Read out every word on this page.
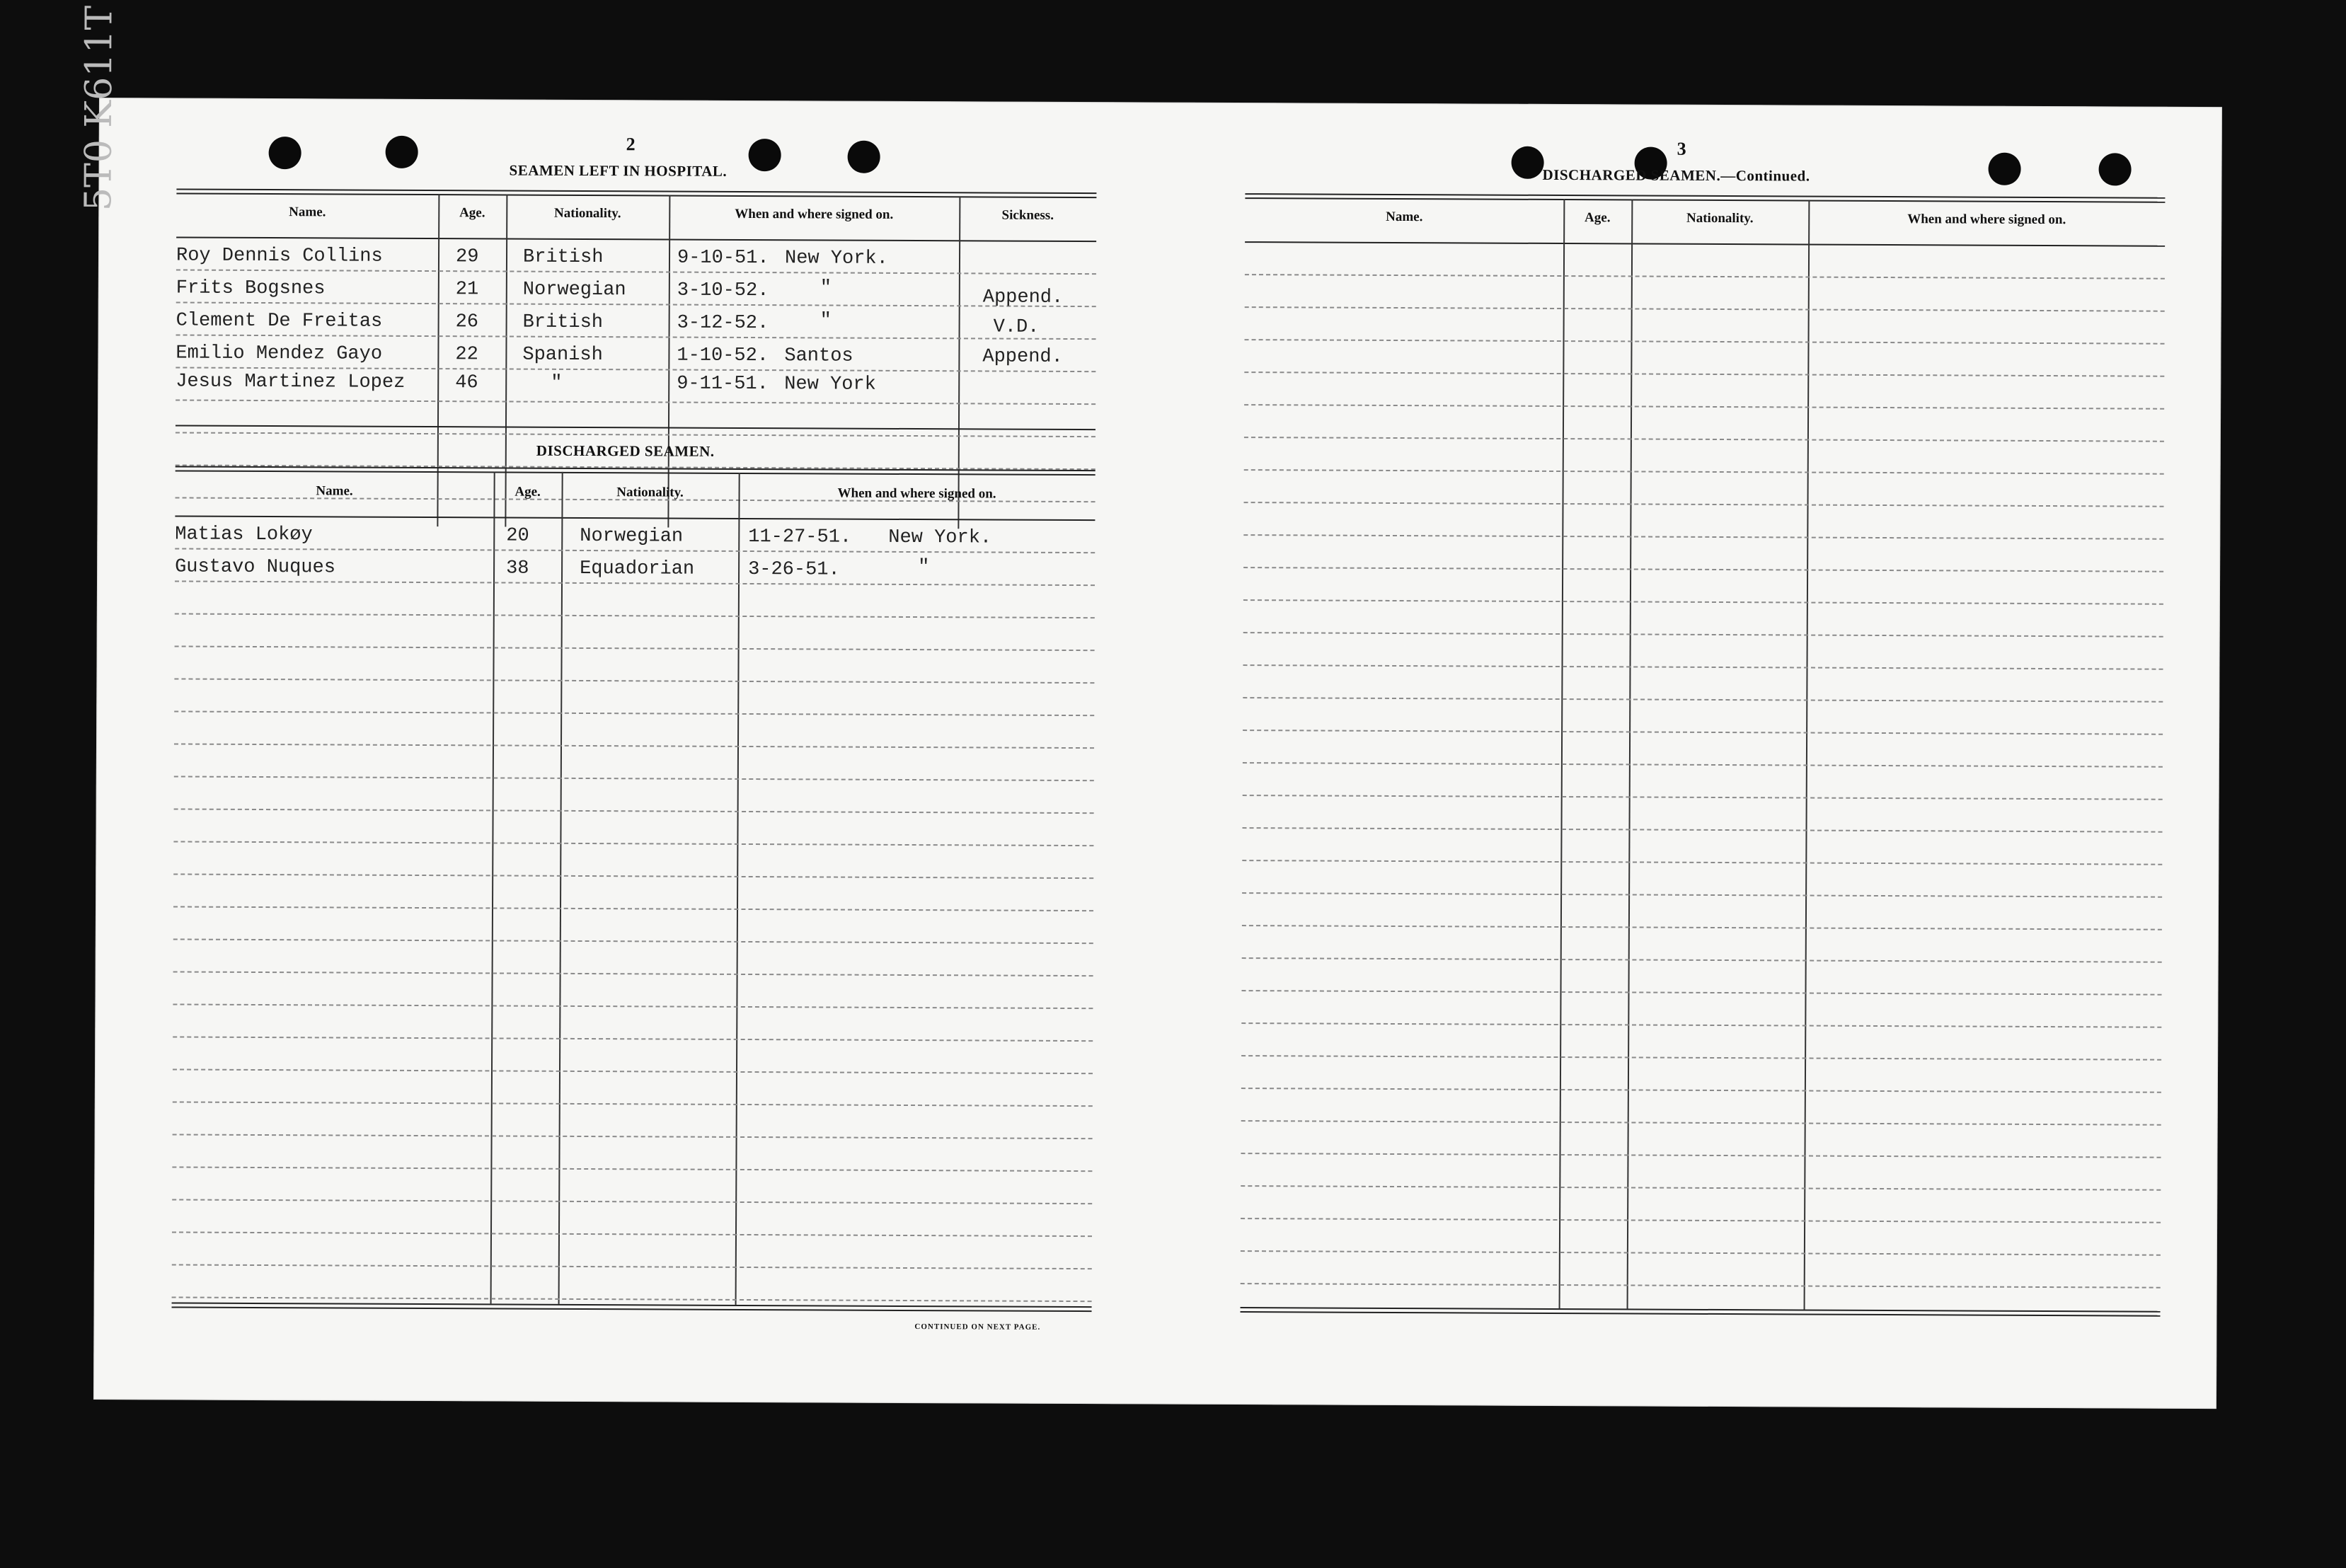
5T0 K611T	2
SEAMEN LEFT IN HOSPITAL.
Name.	Age.	Nationality.	When and where signed on.	Sickness.
Roy Dennis Collins	29 British	9-10-51. New York.
Frits Bogsnes	21 Norwegian	3-10-52.	"	Append.
Clement De Freitas	26 British	3-12-52.	"	V.D.
Emilio Mendez Gayo	22 Spanish	1-10-52. Santos	Append.
Jesus Martinez Lopez	46	"	9-11-51. New York
DISCHARGED SEAMEN.
Name.	Age.	Nationality.	When and where signed on.
Matias Lokøy	20	Norwegian	11-27-51. New York.
Gustavo Nuques	38	Equadorian	3-26-51.	"
CONTINUED ON NEXT PAGE.
3
DISCHARGED SEAMEN.—Continued.
Name.	Age.	Nationality.	When and where signed on.
